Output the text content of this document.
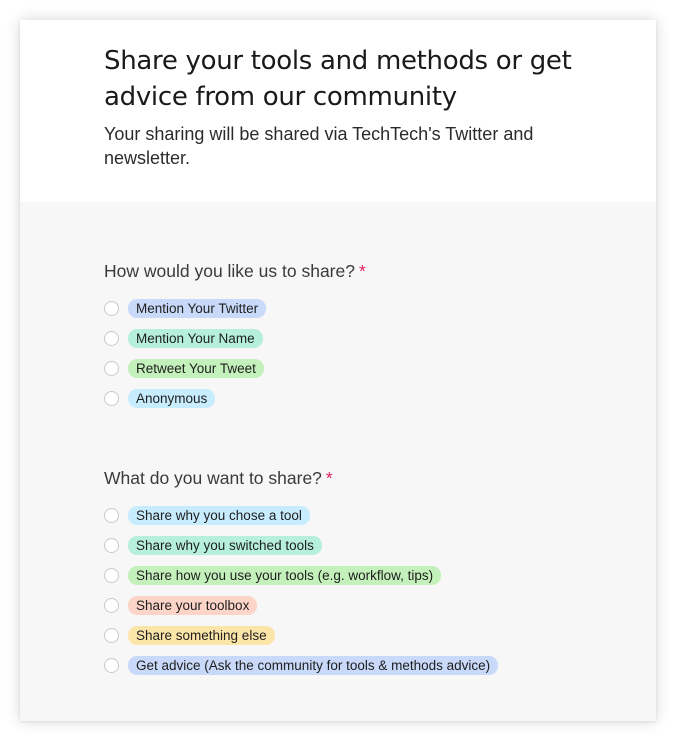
Share your tools and methods or get advice from our community

Your sharing will be shared via TechTech's Twitter and newsletter.

How would you like us to share? *

Mention Your Twitter
Mention Your Name
Retweet Your Tweet
Anonymous

What do you want to share? *

Share why you chose a tool
Share why you switched tools
Share how you use your tools (e.g. workflow, tips)
Share your toolbox
Share something else
Get advice (Ask the community for tools & methods advice)
